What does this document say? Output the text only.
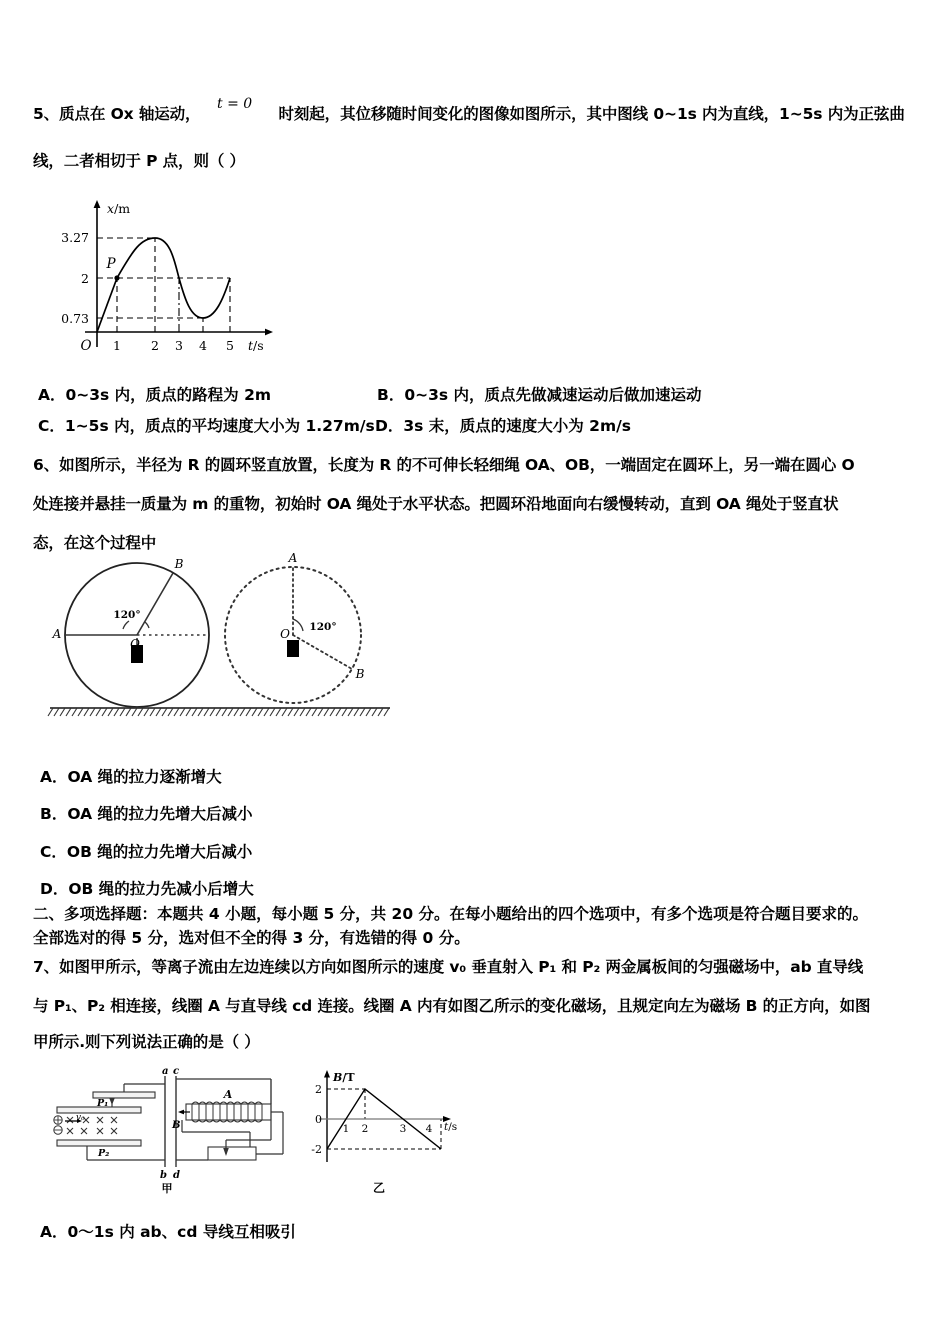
5、质点在 Ox 轴运动，	时刻起，其位移随时间变化的图像如图所示，其中图线 0~1s 内为直线，1~5s 内为正弦曲
t = 0
线，二者相切于 P 点，则（ ）
3.27
2
0.73
1 2 3 4 5
O
P
x/m
t/s
A．0~3s 内，质点的路程为 2m	B．0~3s 内，质点先做减速运动后做加速运动
C．1~5s 内，质点的平均速度大小为 1.27m/s D．3s 末，质点的速度大小为 2m/s
6、如图所示，半径为 R 的圆环竖直放置，长度为 R 的不可伸长轻细绳 OA、OB，一端固定在圆环上，另一端在圆心 O
处连接并悬挂一质量为 m 的重物，初始时 OA 绳处于水平状态。把圆环沿地面向右缓慢转动，直到 OA 绳处于竖直状
态，在这个过程中
120°
A
B
O
120°
A
B
O
A．OA 绳的拉力逐渐增大
B．OA 绳的拉力先增大后减小
C．OB 绳的拉力先增大后减小
D．OB 绳的拉力先减小后增大
二、多项选择题：本题共 4 小题，每小题 5 分，共 20 分。在每小题给出的四个选项中，有多个选项是符合题目要求的。
全部选对的得 5 分，选对但不全的得 3 分，有选错的得 0 分。
7、如图甲所示，等离子流由左边连续以方向如图所示的速度 v₀ 垂直射入 P₁ 和 P₂ 两金属板间的匀强磁场中，ab 直导线
与 P₁、P₂ 相连接，线圈 A 与直导线 cd 连接。线圈 A 内有如图乙所示的变化磁场，且规定向左为磁场 B 的正方向，如图
甲所示.则下列说法正确的是（ ）
P₁
P₂
v₀
a
b
c
d
A
B
甲
2
0
-2
1 2	3 4
B/T
t/s
乙
A．0～1s 内 ab、cd 导线互相吸引
